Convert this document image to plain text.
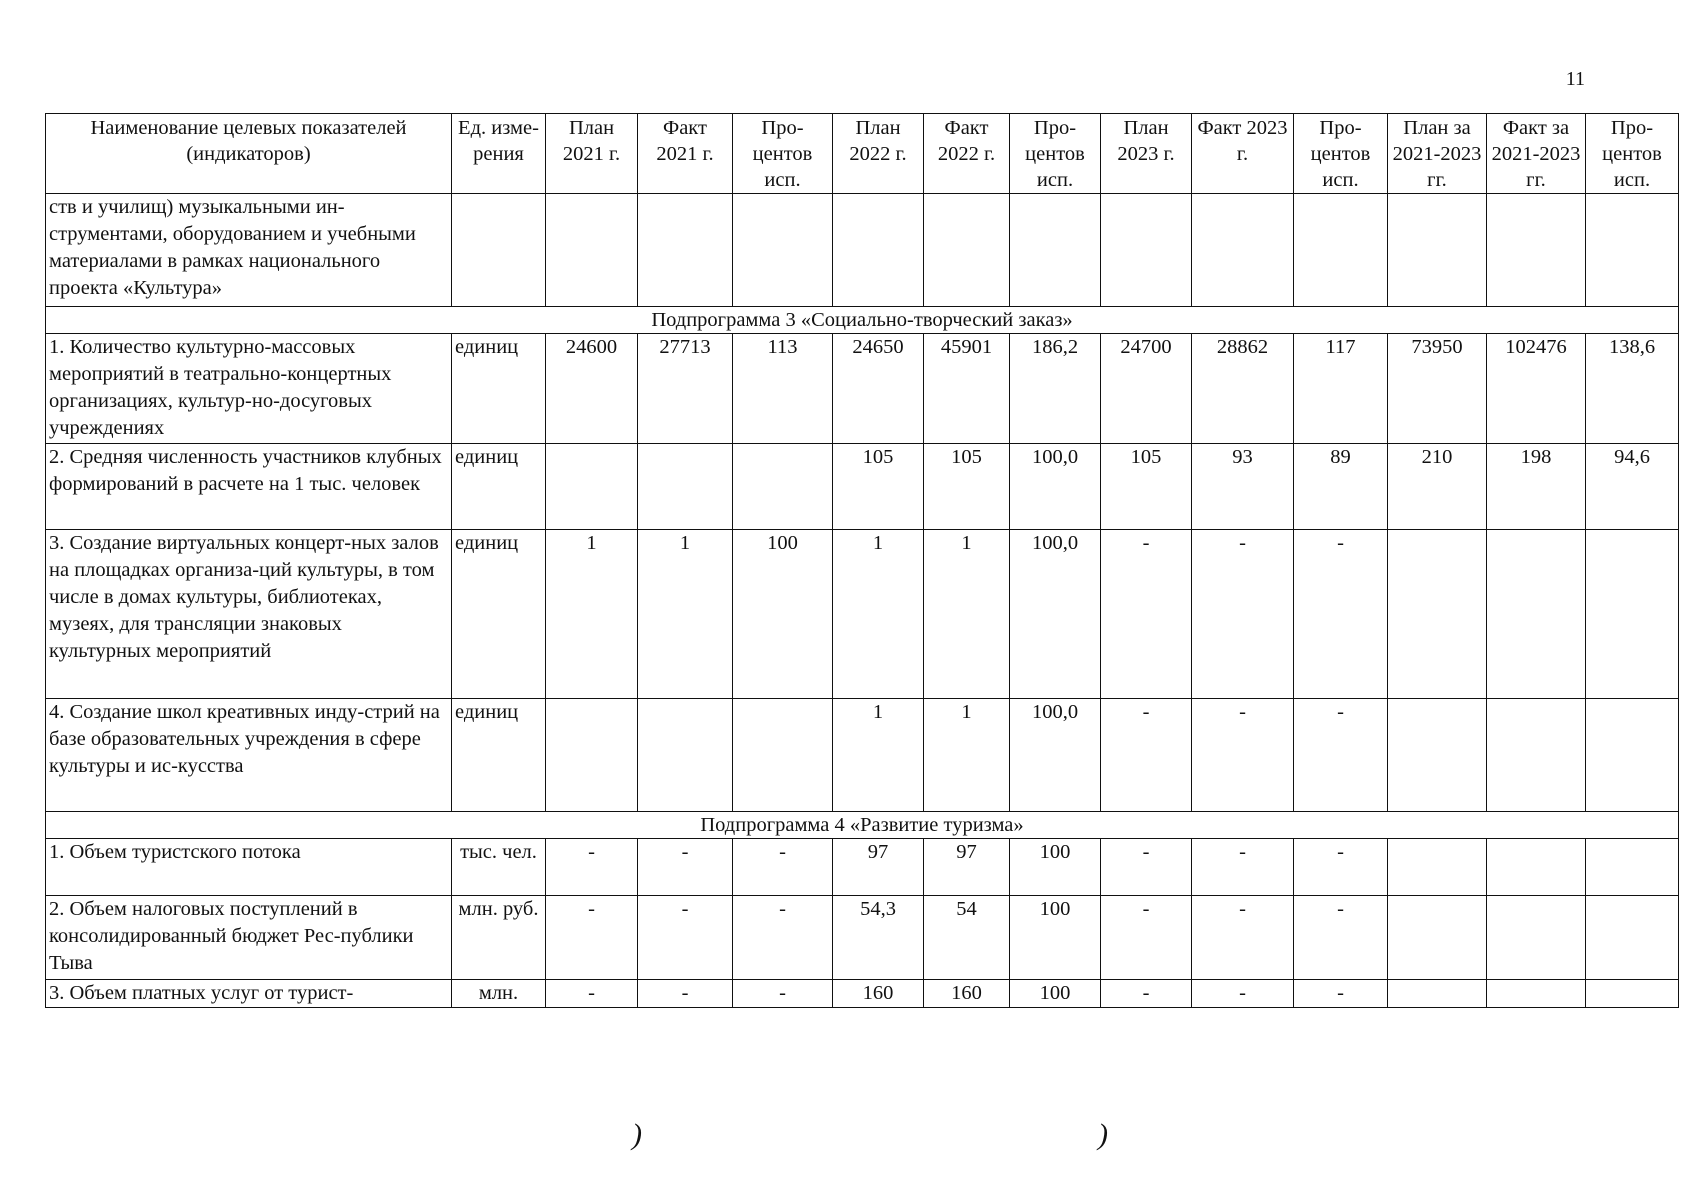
11
Наименование целевых показателей (индикаторов)	Ед. изме-рения	План 2021 г.	Факт 2021 г.	Про-центов исп.	План 2022 г.	Факт 2022 г.	Про-центов исп.	План 2023 г.	Факт 2023 г.	Про-центов исп.	План за 2021-2023 гг.	Факт за 2021-2023 гг.	Про-центов исп.
ств и училищ) музыкальными ин-струментами, оборудованием и учебными материалами в рамках национального проекта «Культура»													
Подпрограмма 3 «Социально-творческий заказ»													
1. Количество культурно-массовых мероприятий в театрально-концертных организациях, культур-но-досуговых учреждениях	единиц	24600	27713	113	24650	45901	186,2	24700	28862	117	73950	102476	138,6
2. Средняя численность участников клубных формирований в расчете на 1 тыс. человек	единиц				105	105	100,0	105	93	89	210	198	94,6
3. Создание виртуальных концерт-ных залов на площадках организа-ций культуры, в том числе в домах культуры, библиотеках, музеях, для трансляции знаковых культурных мероприятий	единиц	1	1	100	1	1	100,0	-	-	-			
4. Создание школ креативных инду-стрий на базе образовательных учреждения в сфере культуры и ис-кусства	единиц				1	1	100,0	-	-	-			
Подпрограмма 4 «Развитие туризма»													
1. Объем туристского потока	тыс. чел.	-	-	-	97	97	100	-	-	-			
2. Объем налоговых поступлений в консолидированный бюджет Рес-публики Тыва	млн. руб.	-	-	-	54,3	54	100	-	-	-			
3. Объем платных услуг от турист-	млн.	-	-	-	160	160	100	-	-	-			
)	)
